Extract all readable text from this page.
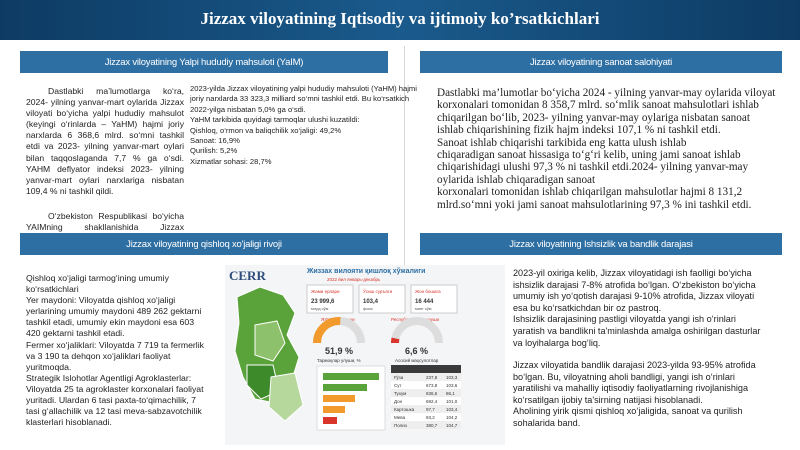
Jizzax viloyatining Iqtisodiy va ijtimoiy ko’rsatkichlari
Jizzax viloyatining Yalpi hududiy mahsuloti (YaIM)	Jizzax viloyatining sanoat salohiyati
Dastlabki ma’lumotlarga ko‘ra, 2024- yilning yanvar-mart oylarida Jizzax viloyati bo‘yicha yalpi hududiy mahsulot (keyingi o‘rinlarda – YaHM) hajmi joriy narxlarda 6 368,6 mlrd. so‘mni tashkil etdi va 2023- yilning yanvar-mart oylari bilan taqqoslaganda 7,7 % ga o‘sdi. YAHM deflyator indeksi 2023- yilning yanvar-mart oylari narxlariga nisbatan 109,4 % ni tashkil qildi.
O‘zbekiston Respublikasi bo‘yicha YAIMning shakllanishida Jizzax
2023-yilda Jizzax viloyatining yalpi hududiy mahsuloti (YaHM) hajmi
joriy narxlarda 33 323,3 milliard so‘mni tashkil etdi. Bu ko‘rsatkich
2022-yilga nisbatan 5,0% ga o‘sdi.
YaHM tarkibida quyidagi tarmoqlar ulushi kuzatildi:
Qishloq, o‘rmon va baliqchilik xo‘jaligi: 49,2%
Sanoat: 16,9%
Qurilish: 5,2%
Xizmatlar sohasi: 28,7%
Dastlabki ma’lumotlar bo‘yicha 2024 - yilning yanvar-may oylarida viloyat
korxonalari tomonidan 8 358,7 mlrd. so‘mlik sanoat mahsulotlari ishlab
chiqarilgan bo‘lib, 2023- yilning yanvar-may oylariga nisbatan sanoat
ishlab chiqarishining fizik hajm indeksi 107,1 % ni tashkil etdi.
Sanoat ishlab chiqarishi tarkibida eng katta ulush ishlab
chiqaradigan sanoat hissasiga to‘g‘ri kelib, uning jami sanoat ishlab
chiqarishidagi ulushi 97,3 % ni tashkil etdi.2024- yilning yanvar-may
oylarida ishlab chiqaradigan sanoat
korxonalari tomonidan ishlab chiqarilgan mahsulotlar hajmi 8 131,2
mlrd.so‘mni yoki jami sanoat mahsulotlarining 97,3 % ini tashkil etdi.
Jizzax viloyatining qishloq xo'jaligi rivoji	Jizzax viloyatining Ishsizlik va bandlik darajasi
Qishloq xo‘jaligi tarmog‘ining umumiy
ko‘rsatkichlari
Yer maydoni: Viloyatda qishloq xo‘jaligi
yerlarining umumiy maydoni 489 262 gektarni
tashkil etadi, umumiy ekin maydoni esa 603
420 gektarni tashkil etadi.
Fermer xo‘jaliklari: Viloyatda 7 719 ta fermerlik
va 3 190 ta dehqon xo‘jaliklari faoliyat
yuritmoqda.
Strategik Islohotlar Agentligi Agroklasterlar:
Viloyatda 25 ta agroklaster korxonalari faoliyat
yuritadi. Ulardan 6 tasi paxta-to‘qimachilik, 7
tasi g‘allachilik va 12 tasi meva-sabzavotchilik
klasterlari hisoblanadi.
CERR	Жиззах вилояти қишлоқ хўжалиги
2022 йил январь-декабрь
Жами ерлари
23 999,6
млрд сўм
Ўсиш суръати
103,4
фоиз
Жон бошига
16 444
минг сўм
ЯҲМдаги улуши
51,9 %
Республикадаги улуши
6,6 %
Тармоқлар улуши, %	Асосий маҳсулотлар
Ғўза	237,8 103,3
Сут	673,8 103,6
Тухум	836,6 86,1
Дон	692,4 101,0
Картошка	97,7 103,4
Мева	93,2 104,2
Полиз	380,7 104,7
2023-yil oxiriga kelib, Jizzax viloyatidagi ish faolligi bo‘yicha
ishsizlik darajasi 7-8% atrofida bo‘lgan. O‘zbekiston bo‘yicha
umumiy ish yo‘qotish darajasi 9-10% atrofida, Jizzax viloyati
esa bu ko‘rsatkichdan bir oz pastroq.
Ishsizlik darajasining pastligi viloyatda yangi ish o‘rinlari
yaratish va bandlikni ta'minlashda amalga oshirilgan dasturlar
va loyihalarga bog‘liq.
Jizzax viloyatida bandlik darajasi 2023-yilda 93-95% atrofida
bo‘lgan. Bu, viloyatning aholi bandligi, yangi ish o‘rinlari
yaratilishi va mahalliy iqtisodiy faoliyatlarning rivojlanishiga
ko‘rsatilgan ijobiy ta'sirning natijasi hisoblanadi.
Aholining yirik qismi qishloq xo‘jaligida, sanoat va qurilish
sohalarida band.
